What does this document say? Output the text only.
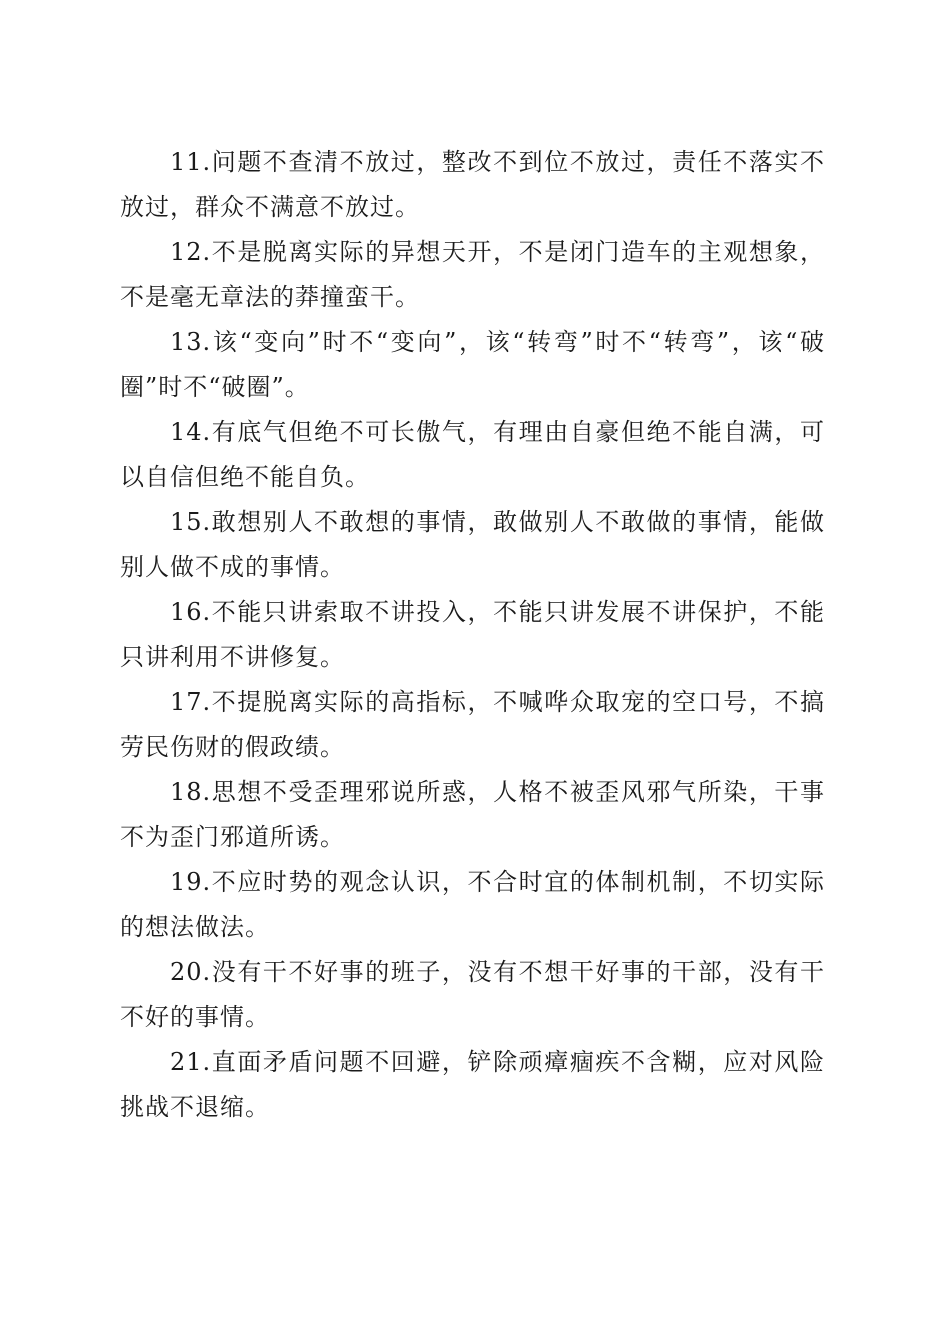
11.问题不查清不放过，整改不到位不放过，责任不落实不放过，群众不满意不放过。

12.不是脱离实际的异想天开，不是闭门造车的主观想象，不是毫无章法的莽撞蛮干。

13.该“变向”时不“变向”，该“转弯”时不“转弯”，该“破圈”时不“破圈”。

14.有底气但绝不可长傲气，有理由自豪但绝不能自满，可以自信但绝不能自负。

15.敢想别人不敢想的事情，敢做别人不敢做的事情，能做别人做不成的事情。

16.不能只讲索取不讲投入，不能只讲发展不讲保护，不能只讲利用不讲修复。

17.不提脱离实际的高指标，不喊哗众取宠的空口号，不搞劳民伤财的假政绩。

18.思想不受歪理邪说所惑，人格不被歪风邪气所染，干事不为歪门邪道所诱。

19.不应时势的观念认识，不合时宜的体制机制，不切实际的想法做法。

20.没有干不好事的班子，没有不想干好事的干部，没有干不好的事情。

21.直面矛盾问题不回避，铲除顽瘴痼疾不含糊，应对风险挑战不退缩。
